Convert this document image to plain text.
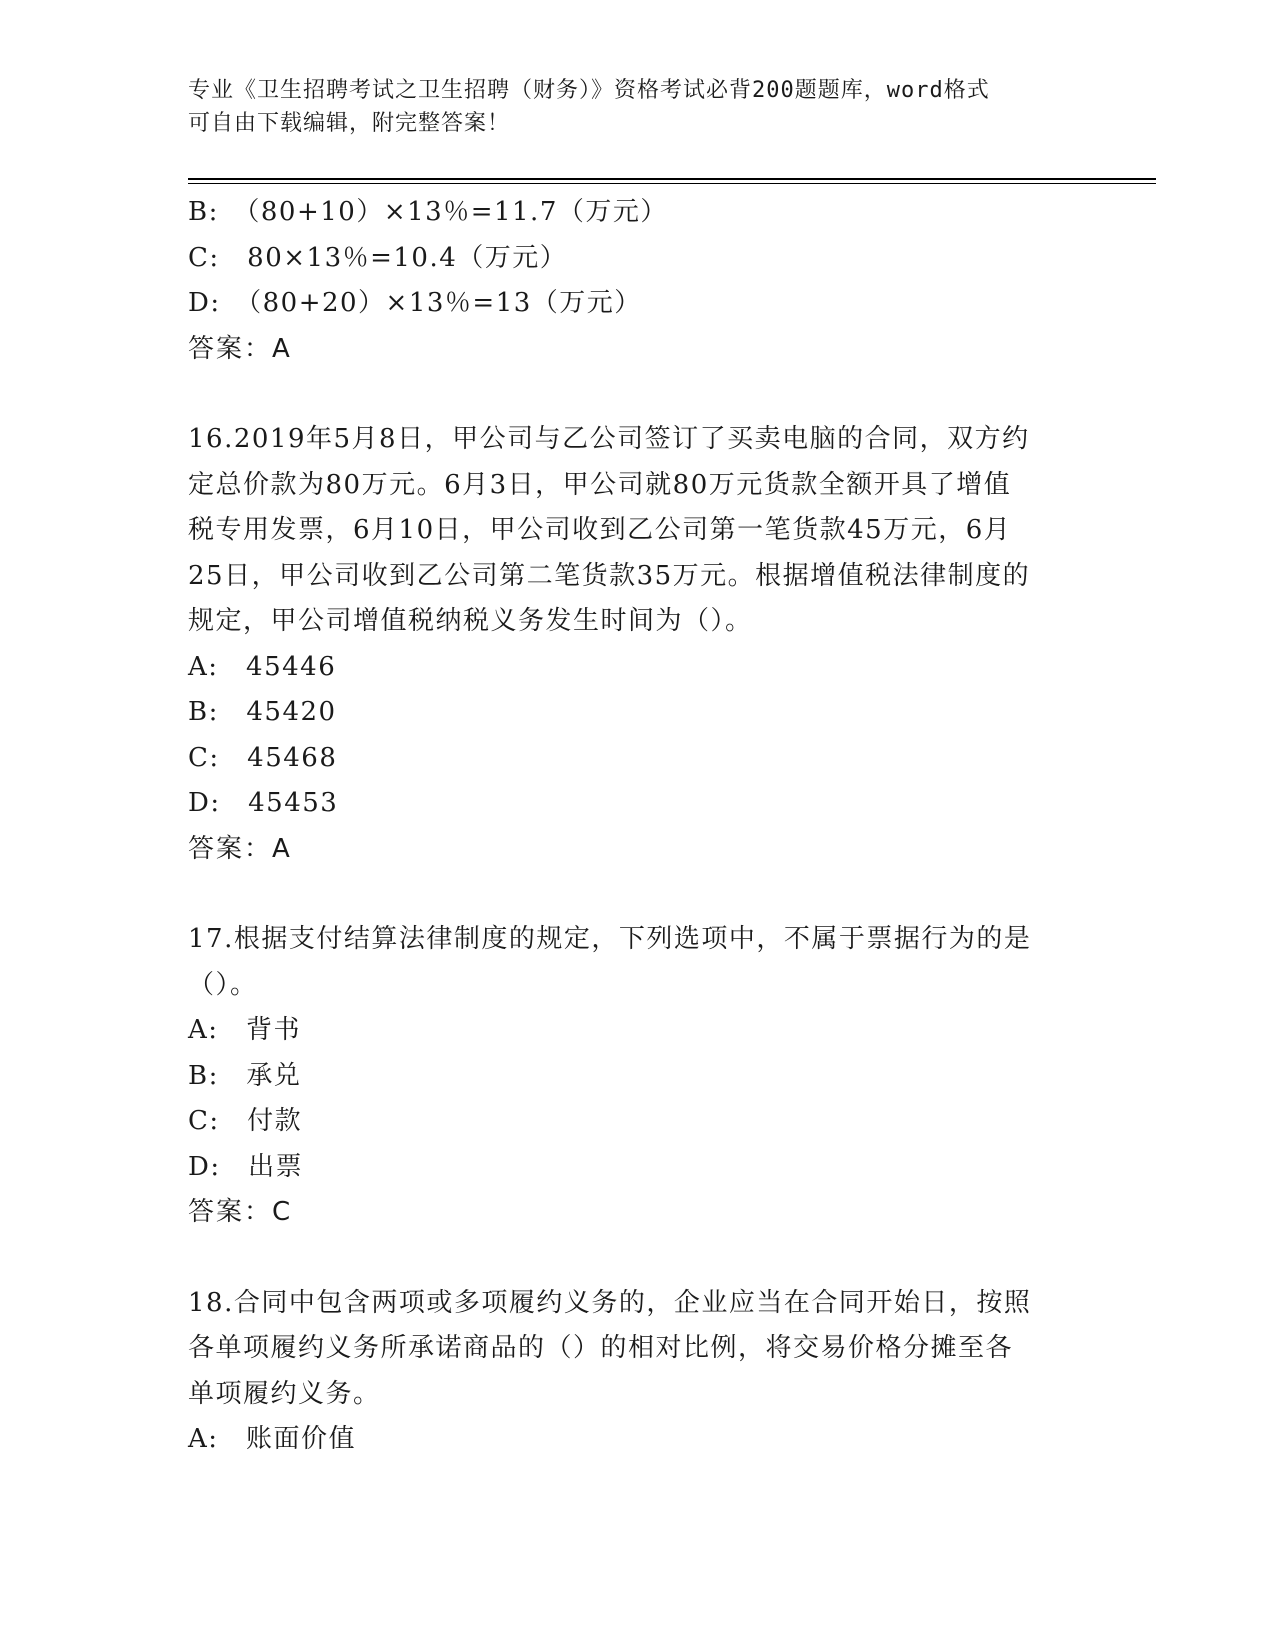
专业《卫生招聘考试之卫生招聘（财务）》资格考试必背200题题库，word格式
可自由下载编辑，附完整答案！
B:　（80+10）×13％=11.7（万元）
C:　80×13％=10.4（万元）
D:　（80+20）×13％=13（万元）
答案：A
16.2019年5月8日，甲公司与乙公司签订了买卖电脑的合同，双方约
定总价款为80万元。6月3日，甲公司就80万元货款全额开具了增值
税专用发票，6月10日，甲公司收到乙公司第一笔货款45万元，6月
25日，甲公司收到乙公司第二笔货款35万元。根据增值税法律制度的
规定，甲公司增值税纳税义务发生时间为（）。
A:　45446
B:　45420
C:　45468
D:　45453
答案：A
17.根据支付结算法律制度的规定，下列选项中，不属于票据行为的是
（）。
A:　背书
B:　承兑
C:　付款
D:　出票
答案：C
18.合同中包含两项或多项履约义务的，企业应当在合同开始日，按照
各单项履约义务所承诺商品的（）的相对比例，将交易价格分摊至各
单项履约义务。
A:　账面价值
